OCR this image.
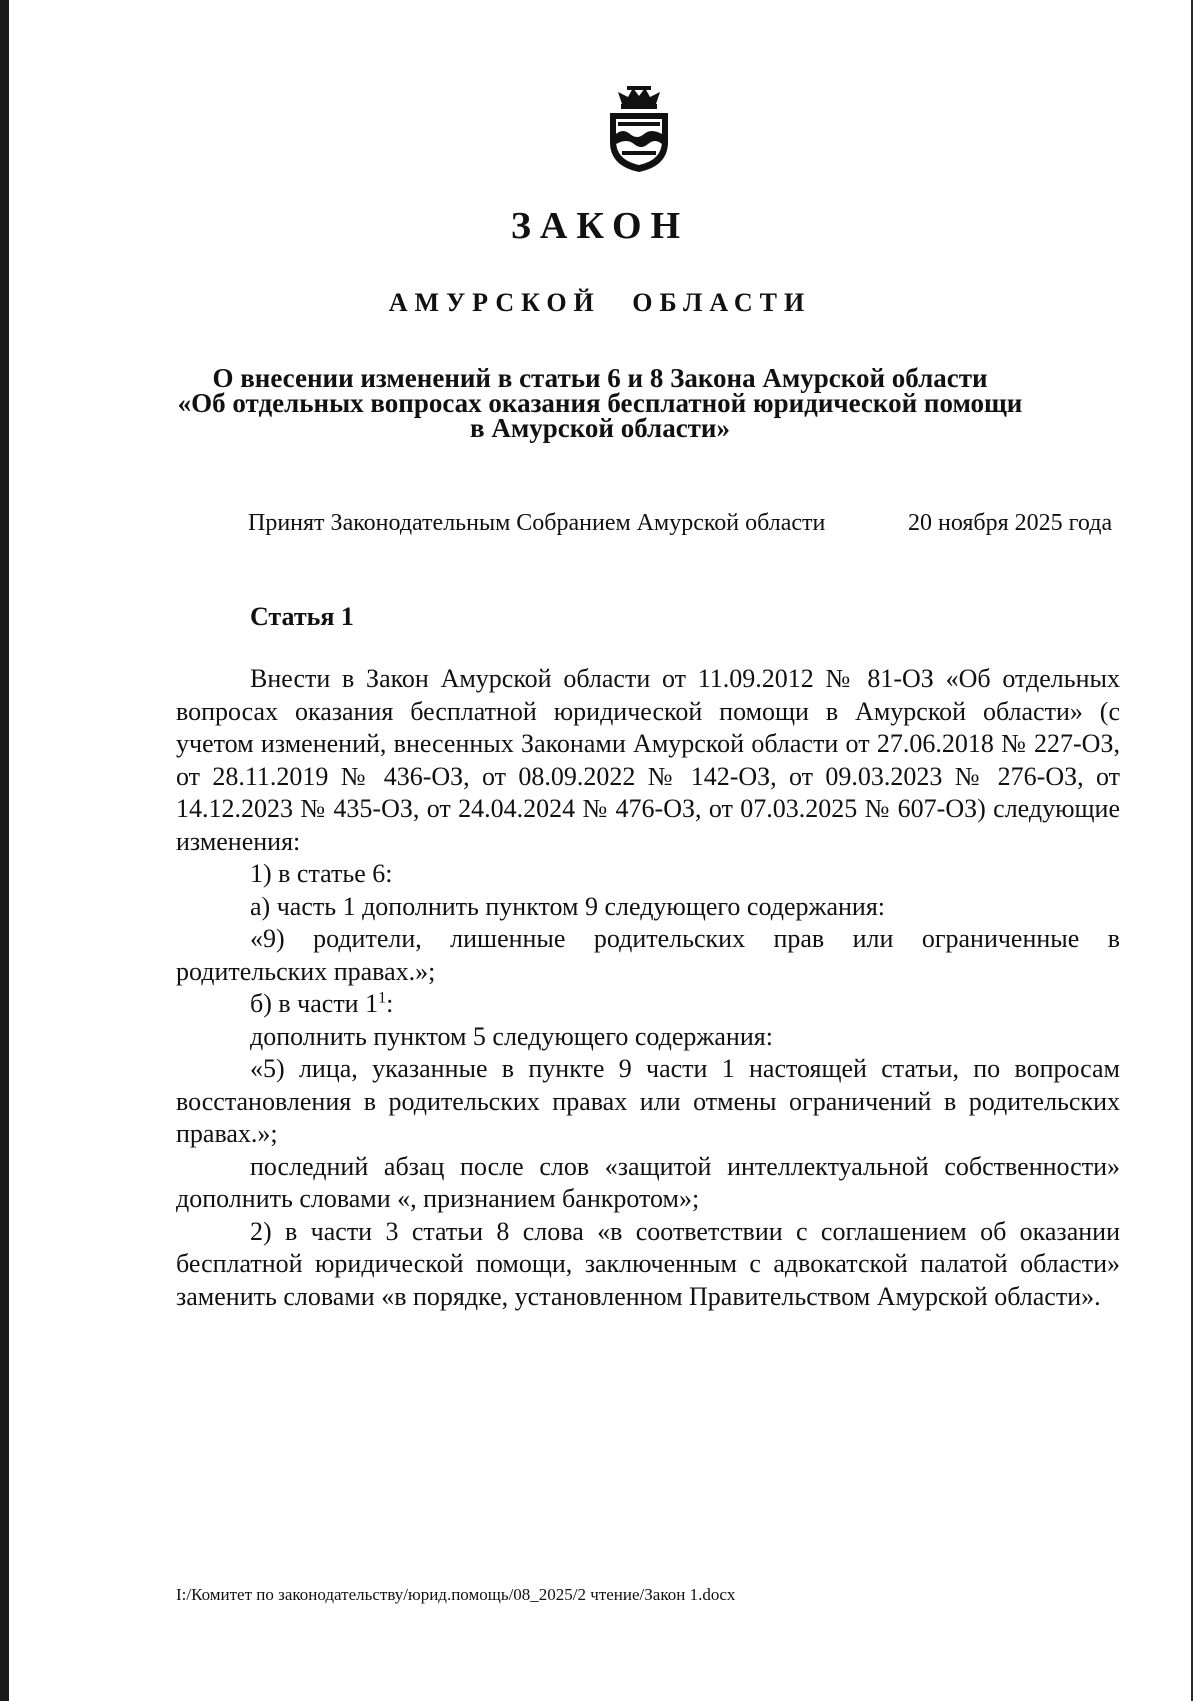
ЗАКОН
АМУРСКОЙ ОБЛАСТИ
О внесении изменений в статьи 6 и 8 Закона Амурской области
«Об отдельных вопросах оказания бесплатной юридической помощи
в Амурской области»
Принят Законодательным Собранием Амурской области	20 ноября 2025 года
Статья 1

Внести в Закон Амурской области от 11.09.2012 № 81-ОЗ «Об отдельных вопросах оказания бесплатной юридической помощи в Амурской области» (с учетом изменений, внесенных Законами Амурской области от 27.06.2018 № 227-ОЗ, от 28.11.2019 № 436-ОЗ, от 08.09.2022 № 142-ОЗ, от 09.03.2023 № 276-ОЗ, от 14.12.2023 № 435-ОЗ, от 24.04.2024 № 476-ОЗ, от 07.03.2025 № 607-ОЗ) следующие изменения:

1) в статье 6:

а) часть 1 дополнить пунктом 9 следующего содержания:

«9) родители, лишенные родительских прав или ограниченные в родительских правах.»;

б) в части $1^1$:

дополнить пунктом 5 следующего содержания:

«5) лица, указанные в пункте 9 части 1 настоящей статьи, по вопросам восстановления в родительских правах или отмены ограничений в родительских правах.»;

последний абзац после слов «защитой интеллектуальной собственности» дополнить словами «, признанием банкротом»;

2) в части 3 статьи 8 слова «в соответствии с соглашением об оказании бесплатной юридической помощи, заключенным с адвокатской палатой области» заменить словами «в порядке, установленном Правительством Амурской области».

I:/Комитет по законодательству/юрид.помощь/08_2025/2 чтение/Закон 1.docx
